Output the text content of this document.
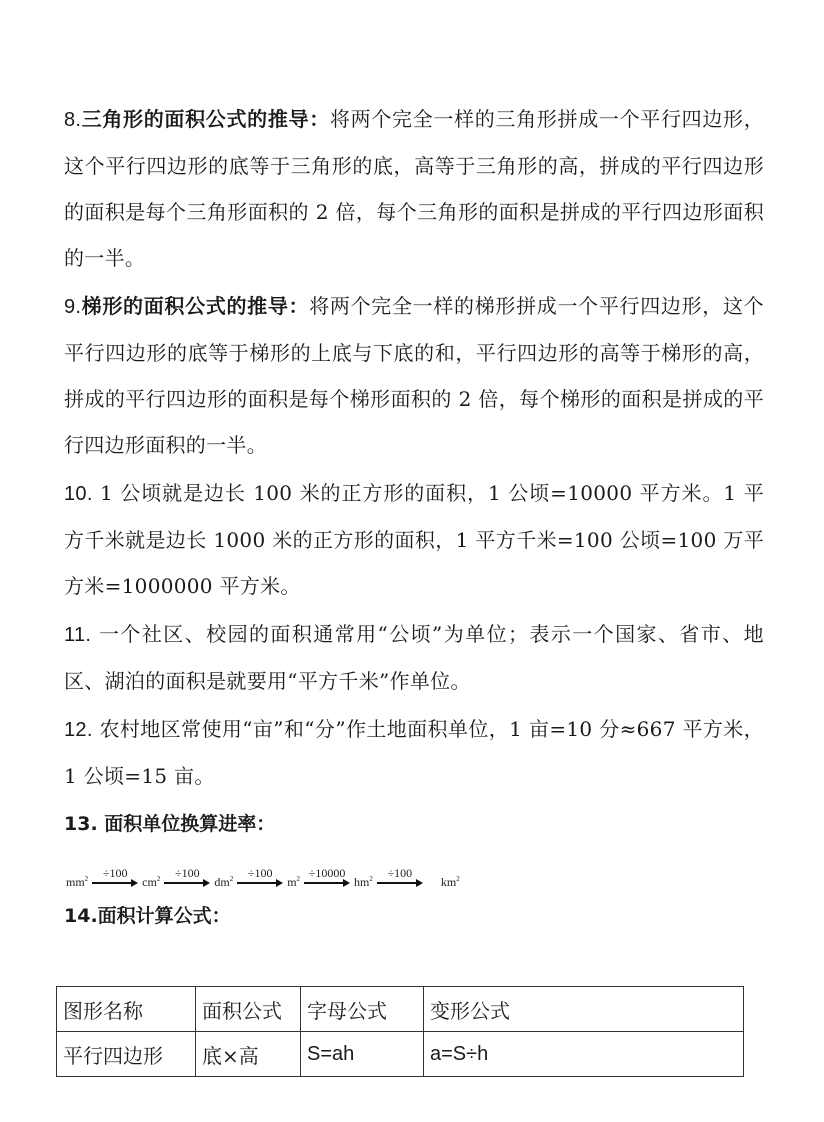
8.三角形的面积公式的推导：将两个完全一样的三角形拼成一个平行四边形，这个平行四边形的底等于三角形的底，高等于三角形的高，拼成的平行四边形的面积是每个三角形面积的 2 倍，每个三角形的面积是拼成的平行四边形面积的一半。

9.梯形的面积公式的推导：将两个完全一样的梯形拼成一个平行四边形，这个平行四边形的底等于梯形的上底与下底的和，平行四边形的高等于梯形的高，拼成的平行四边形的面积是每个梯形面积的 2 倍，每个梯形的面积是拼成的平行四边形面积的一半。

10. 1 公顷就是边长 100 米的正方形的面积，1 公顷=10000 平方米。1 平方千米就是边长 1000 米的正方形的面积，1 平方千米=100 公顷=100 万平方米=1000000 平方米。

11. 一个社区、校园的面积通常用“公顷”为单位；表示一个国家、省市、地区、湖泊的面积是就要用“平方千米”作单位。

12. 农村地区常使用“亩”和“分”作土地面积单位，1 亩=10 分≈667 平方米，1 公顷=15 亩。

13. 面积单位换算进率：

$mm^2 \div 100$
$cm^2 \div 100$
$dm^2 \div 100$
$m^2 \div 10000$
$hm^2 \div 100$
$km^2$

14.面积计算公式：

图形名称	面积公式	字母公式	变形公式
平行四边形	底×高	S=ah	a=S÷h
